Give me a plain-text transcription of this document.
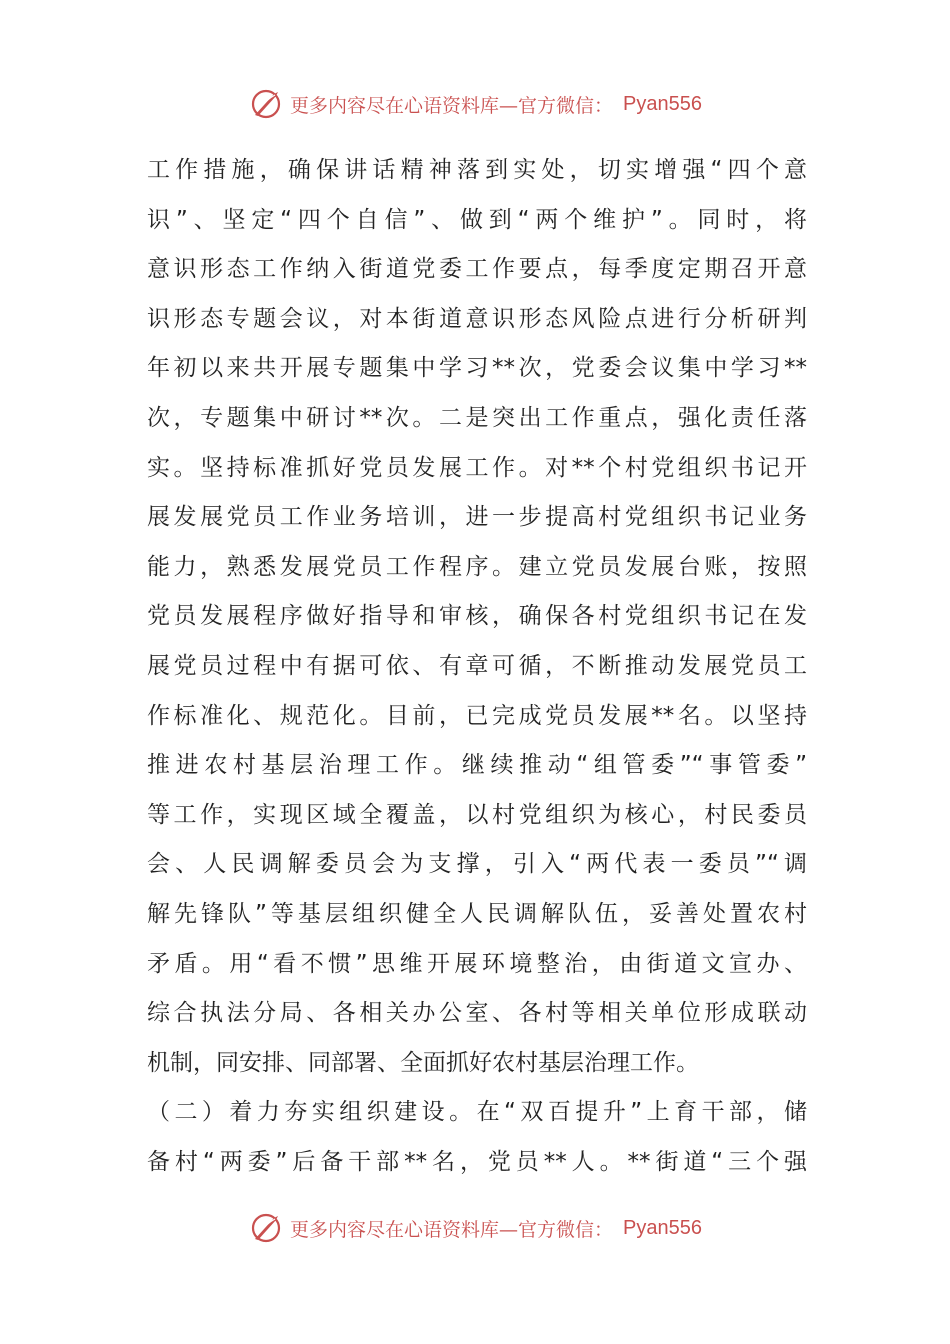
更多内容尽在心语资料库—官方微信： Pyan556
工作措施，确保讲话精神落到实处，切实增强“四个意
识”、坚定“四个自信”、做到“两个维护”。同时，将
意识形态工作纳入街道党委工作要点，每季度定期召开意
识形态专题会议，对本街道意识形态风险点进行分析研判
年初以来共开展专题集中学习**次，党委会议集中学习**
次，专题集中研讨**次。二是突出工作重点，强化责任落
实。坚持标准抓好党员发展工作。对**个村党组织书记开
展发展党员工作业务培训，进一步提高村党组织书记业务
能力，熟悉发展党员工作程序。建立党员发展台账，按照
党员发展程序做好指导和审核，确保各村党组织书记在发
展党员过程中有据可依、有章可循，不断推动发展党员工
作标准化、规范化。目前，已完成党员发展**名。以坚持
推进农村基层治理工作。继续推动“组管委”“事管委”
等工作，实现区域全覆盖，以村党组织为核心，村民委员
会、人民调解委员会为支撑，引入“两代表一委员”“调
解先锋队”等基层组织健全人民调解队伍，妥善处置农村
矛盾。用“看不惯”思维开展环境整治，由街道文宣办、
综合执法分局、各相关办公室、各村等相关单位形成联动
机制，同安排、同部署、全面抓好农村基层治理工作。
（二）着力夯实组织建设。在“双百提升”上育干部，储
备村“两委”后备干部**名，党员**人。**街道“三个强
更多内容尽在心语资料库—官方微信： Pyan556
